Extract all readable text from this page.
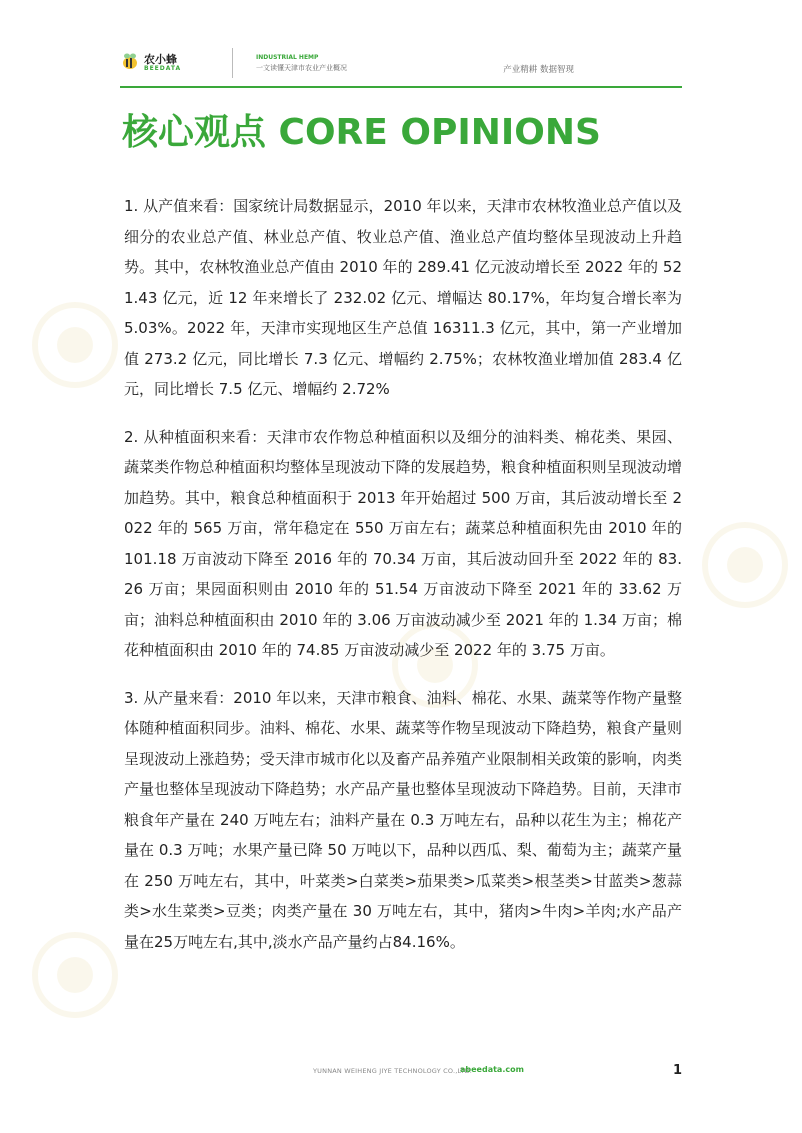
农小蜂
BEEDATA
INDUSTRIAL HEMP
一文读懂天津市农业产业概况	产业精耕 数据智现
核心观点 CORE OPINIONS

1. 从产值来看：国家统计局数据显示，2010 年以来，天津市农林牧渔业总产值以及细分的农业总产值、林业总产值、牧业总产值、渔业总产值均整体呈现波动上升趋势。其中，农林牧渔业总产值由 2010 年的 289.41 亿元波动增长至 2022 年的 521.43 亿元，近 12 年来增长了 232.02 亿元、增幅达 80.17%，年均复合增长率为 5.03%。2022 年，天津市实现地区生产总值 16311.3 亿元，其中，第一产业增加值 273.2 亿元，同比增长 7.3 亿元、增幅约 2.75%；农林牧渔业增加值 283.4 亿元，同比增长 7.5 亿元、增幅约 2.72%

2. 从种植面积来看：天津市农作物总种植面积以及细分的油料类、棉花类、果园、蔬菜类作物总种植面积均整体呈现波动下降的发展趋势，粮食种植面积则呈现波动增加趋势。其中，粮食总种植面积于 2013 年开始超过 500 万亩，其后波动增长至 2022 年的 565 万亩，常年稳定在 550 万亩左右；蔬菜总种植面积先由 2010 年的 101.18 万亩波动下降至 2016 年的 70.34 万亩，其后波动回升至 2022 年的 83.26 万亩；果园面积则由 2010 年的 51.54 万亩波动下降至 2021 年的 33.62 万亩；油料总种植面积由 2010 年的 3.06 万亩波动减少至 2021 年的 1.34 万亩；棉花种植面积由 2010 年的 74.85 万亩波动减少至 2022 年的 3.75 万亩。

3. 从产量来看：2010 年以来，天津市粮食、油料、棉花、水果、蔬菜等作物产量整体随种植面积同步。油料、棉花、水果、蔬菜等作物呈现波动下降趋势，粮食产量则呈现波动上涨趋势；受天津市城市化以及畜产品养殖产业限制相关政策的影响，肉类产量也整体呈现波动下降趋势；水产品产量也整体呈现波动下降趋势。目前，天津市粮食年产量在 240 万吨左右；油料产量在 0.3 万吨左右，品种以花生为主；棉花产量在 0.3 万吨；水果产量已降 50 万吨以下，品种以西瓜、梨、葡萄为主；蔬菜产量在 250 万吨左右，其中，叶菜类>白菜类>茄果类>瓜菜类>根茎类>甘蓝类>葱蒜类>水生菜类>豆类；肉类产量在 30 万吨左右，其中，猪肉>牛肉>羊肉;水产品产量在25万吨左右,其中,淡水产品产量约占84.16%。

YUNNAN WEIHENG JIYE TECHNOLOGY CO.,LTD.
abeedata.com	1
